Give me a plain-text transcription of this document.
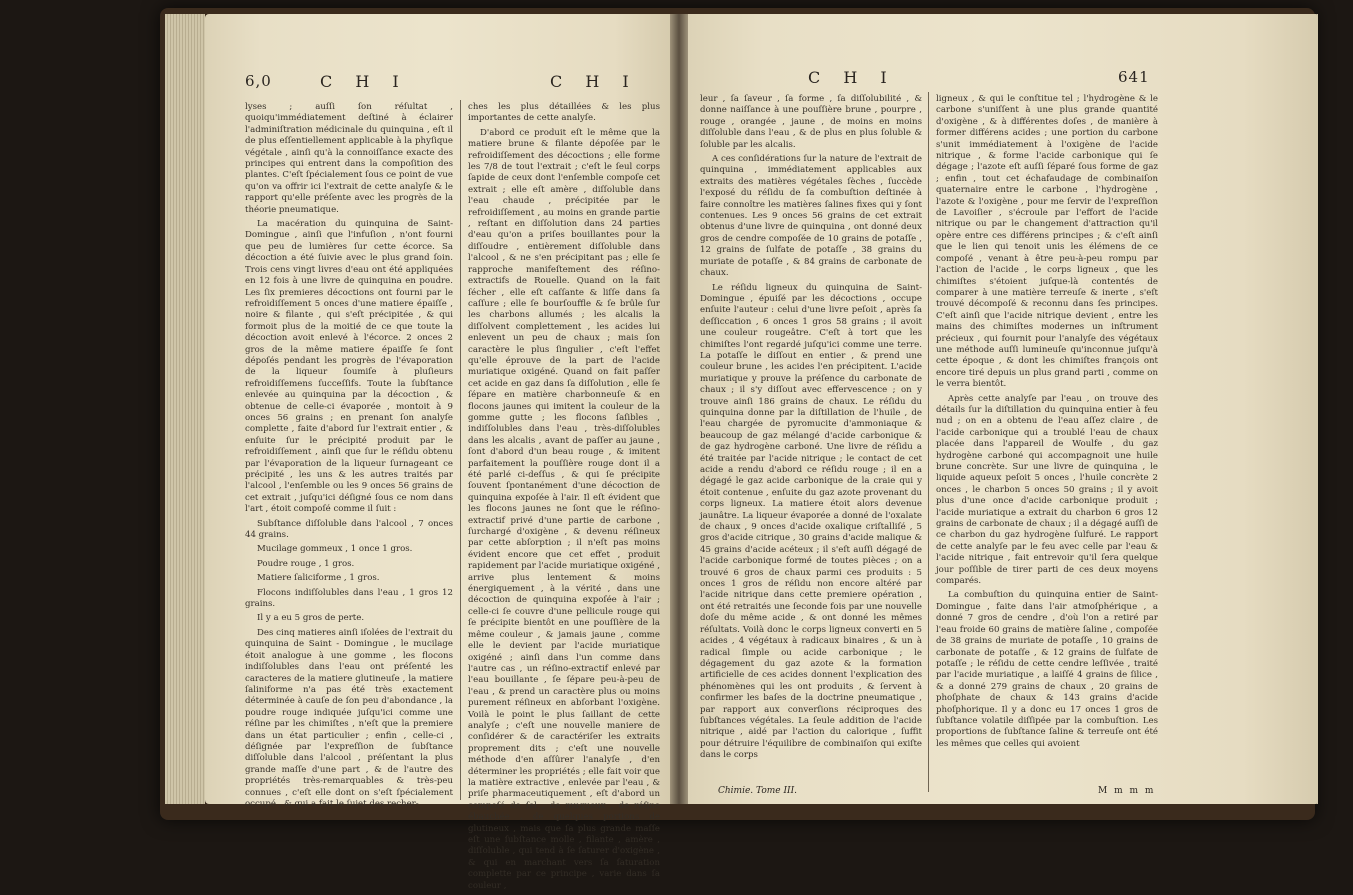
6,0	C H I	C H I

lyses ; auſſi ſon réſultat , quoiqu'immédiatement deſtiné à éclairer l'adminiſtration médicinale du quinquina , eſt il de plus eſſentiellement applicable à la phyſique végétale , ainſi qu'à la connoiſſance exacte des principes qui entrent dans la compoſition des plantes. C'eſt ſpécialement ſous ce point de vue qu'on va offrir ici l'extrait de cette analyſe & le rapport qu'elle préſente avec les progrès de la théorie pneumatique.

La macération du quinquina de Saint-Domingue , ainſi que l'infuſion , n'ont fourni que peu de lumières ſur cette écorce. Sa décoction a été ſuivie avec le plus grand ſoin. Trois cens vingt livres d'eau ont été appliquées en 12 fois à une livre de quinquina en poudre. Les ſix premieres décoctions ont fourni par le refroidiſſement 5 onces d'une matiere épaiſſe , noire & filante , qui s'eſt précipitée , & qui formoit plus de la moitié de ce que toute la décoction avoit enlevé à l'écorce. 2 onces 2 gros de la même matiere épaiſſe ſe ſont dépoſés pendant les progrès de l'évaporation de la liqueur ſoumiſe à pluſieurs refroidiſſemens ſucceſſifs. Toute la ſubſtance enlevée au quinquina par la décoction , & obtenue de celle-ci évaporée , montoit à 9 onces 56 grains ; en prenant ſon analyſe complette , faite d'abord ſur l'extrait entier , & enſuite ſur le précipité produit par le refroidiſſement , ainſi que ſur le réſidu obtenu par l'évaporation de la liqueur ſurnageant ce précipité , les uns & les autres traités par l'alcool , l'enſemble ou les 9 onces 56 grains de cet extrait , juſqu'ici déſigné ſous ce nom dans l'art , étoit compoſé comme il ſuit :

Subſtance diſſoluble dans l'alcool , 7 onces 44 grains.

Mucilage gommeux , 1 once 1 gros.

Poudre rouge , 1 gros.

Matiere ſaliciforme , 1 gros.

Flocons indiſſolubles dans l'eau , 1 gros 12 grains.

Il y a eu 5 gros de perte.

Des cinq matieres ainſi iſolées de l'extrait du quinquina de Saint - Domingue , le mucilage étoit analogue à une gomme , les flocons indiſſolubles dans l'eau ont préſenté les caracteres de la matiere glutineuſe , la matiere ſaliniforme n'a pas été très exactement déterminée à cauſe de ſon peu d'abondance , la poudre rouge indiquée juſqu'ici comme une réſine par les chimiſtes , n'eſt que la premiere dans un état particulier ; enfin , celle-ci , déſignée par l'expreſſion de ſubſtance diſſoluble dans l'alcool , préſentant la plus grande maſſe d'une part , & de l'autre des propriétés très-remarquables & très-peu connues , c'eſt elle dont on s'eſt ſpécialement occupé , & qui a fait le ſujet des recher-

ches les plus détaillées & les plus importantes de cette analyſe.

D'abord ce produit eſt le même que la matiere brune & filante dépoſée par le refroidiſſement des décoctions ; elle forme les 7/8 de tout l'extrait ; c'eſt le ſeul corps ſapide de ceux dont l'enſemble compoſe cet extrait ; elle eſt amère , diſſoluble dans l'eau chaude , précipitée par le refroidiſſement , au moins en grande partie , reſtant en diſſolution dans 24 parties d'eau qu'on a priſes bouillantes pour la diſſoudre , entièrement diſſoluble dans l'alcool , & ne s'en précipitant pas ; elle ſe rapproche manifeſtement des réſino-extractifs de Rouelle. Quand on la fait ſécher , elle eſt caſſante & liſſe dans ſa caſſure ; elle ſe bourſouffle & ſe brûle ſur les charbons allumés ; les alcalis la diſſolvent complettement , les acides lui enlevent un peu de chaux ; mais ſon caractère le plus ſingulier , c'eſt l'effet qu'elle éprouve de la part de l'acide muriatique oxigéné. Quand on fait paſſer cet acide en gaz dans ſa diſſolution , elle ſe ſépare en matière charbonneuſe & en flocons jaunes qui imitent la couleur de la gomme gutte ; les flocons ſaſibles , indiſſolubles dans l'eau , très-diſſolubles dans les alcalis , avant de paſſer au jaune , ſont d'abord d'un beau rouge , & imitent parfaitement la pouſſière rouge dont il a été parlé ci-deſſus , & qui ſe précipite ſouvent ſpontanément d'une décoction de quinquina expoſée à l'air. Il eſt évident que les flocons jaunes ne ſont que le réſino-extractif privé d'une partie de carbone , ſurchargé d'oxigène , & devenu réſineux par cette abſorption ; il n'eſt pas moins évident encore que cet effet , produit rapidement par l'acide muriatique oxigéné , arrive plus lentement & moins énergiquement , à la vérité , dans une décoction de quinquina expoſée à l'air ; celle-ci ſe couvre d'une pellicule rouge qui ſe précipite bientôt en une pouſſière de la même couleur , & jamais jaune , comme elle le devient par l'acide muriatique oxigéné ; ainſi dans l'un comme dans l'autre cas , un réſino-extractif enlevé par l'eau bouillante , ſe ſépare peu-à-peu de l'eau , & prend un caractère plus ou moins purement réſineux en abſorbant l'oxigène. Voilà le point le plus ſaillant de cette analyſe ; c'eſt une nouvelle maniere de conſidérer & de caractériſer les extraits proprement dits ; c'eſt une nouvelle méthode d'en aſſûrer l'analyſe , d'en déterminer les propriétés ; elle fait voir que la matière extractive , enlevée par l'eau , & priſe pharmaceutiquement , eſt d'abord un compoſé de ſel , de muqueux , de réſine ébauchée , de quelques portions de glutineux , mais que ſa plus grande maſſe eſt une ſubſtance molle , filante , amère , diſſoluble , qui tend à ſe ſaturer d'oxigène , & qui en marchant vers ſa ſaturation complette par ce principe , varie dans ſa couleur ,

C H I	641

leur , ſa ſaveur , ſa forme , ſa diſſolubilité , & donne naiſſance à une pouſſière brune , pourpre , rouge , orangée , jaune , de moins en moins diſſoluble dans l'eau , & de plus en plus ſoluble & ſoluble par les alcalis.

A ces conſidérations ſur la nature de l'extrait de quinquina , immédiatement applicables aux extraits des matières végétales ſèches , ſuccède l'exposé du réſidu de ſa combuſtion deſtinée à faire connoître les matières ſalines fixes qui y ſont contenues. Les 9 onces 56 grains de cet extrait obtenus d'une livre de quinquina , ont donné deux gros de cendre compoſée de 10 grains de potaſſe , 12 grains de ſulfate de potaſſe , 38 grains du muriate de potaſſe , & 84 grains de carbonate de chaux.

Le réſidu ligneux du quinquina de Saint-Domingue , épuiſé par les décoctions , occupe enſuite l'auteur : celui d'une livre peſoit , après ſa deſſiccation , 6 onces 1 gros 58 grains ; il avoit une couleur rougeâtre. C'eſt à tort que les chimiſtes l'ont regardé juſqu'ici comme une terre. La potaſſe le diſſout en entier , & prend une couleur brune , les acides l'en précipitent. L'acide muriatique y prouve la préſence du carbonate de chaux ; il s'y diſſout avec effervescence ; on y trouve ainſi 186 grains de chaux. Le réſidu du quinquina donne par la diſtillation de l'huile , de l'eau chargée de pyromucite d'ammoniaque & beaucoup de gaz mélangé d'acide carbonique & de gaz hydrogène carboné. Une livre de réſidu a été traitée par l'acide nitrique ; le contact de cet acide a rendu d'abord ce réſidu rouge ; il en a dégagé le gaz acide carbonique de la craie qui y étoit contenue , enſuite du gaz azote provenant du corps ligneux. La matiere étoit alors devenue jaunâtre. La liqueur évaporée a donné de l'oxalate de chaux , 9 onces d'acide oxalique criſtalliſé , 5 gros d'acide citrique , 30 grains d'acide malique & 45 grains d'acide acéteux ; il s'eſt auſſi dégagé de l'acide carbonique formé de toutes pièces ; on a trouvé 6 gros de chaux parmi ces produits : 5 onces 1 gros de réſidu non encore altéré par l'acide nitrique dans cette premiere opération , ont été retraités une ſeconde fois par une nouvelle doſe du même acide , & ont donné les mêmes réſultats. Voilà donc le corps ligneux converti en 5 acides , 4 végétaux à radicaux binaires , & un à radical ſimple ou acide carbonique ; le dégagement du gaz azote & la formation artificielle de ces acides donnent l'explication des phénomènes qui les ont produits , & ſervent à confirmer les baſes de la doctrine pneumatique , par rapport aux converſions réciproques des ſubſtances végétales. La ſeule addition de l'acide nitrique , aidé par l'action du calorique , ſuffit pour détruire l'équilibre de combinaiſon qui exiſte dans le corps

ligneux , & qui le conſtitue tel ; l'hydrogène & le carbone s'uniſſent à une plus grande quantité d'oxigène , & à différentes doſes , de manière à former différens acides ; une portion du carbone s'unit immédiatement à l'oxigène de l'acide nitrique , & forme l'acide carbonique qui ſe dégage ; l'azote eſt auſſi ſéparé ſous forme de gaz ; enfin , tout cet échafaudage de combinaiſon quaternaire entre le carbone , l'hydrogène , l'azote & l'oxigène , pour me ſervir de l'expreſſion de Lavoiſier , s'écroule par l'effort de l'acide nitrique ou par le changement d'attraction qu'il opère entre ces différens principes ; & c'eſt ainſi que le lien qui tenoit unis les élémens de ce compoſé , venant à être peu-à-peu rompu par l'action de l'acide , le corps ligneux , que les chimiſtes s'étoient juſque-là contentés de comparer à une matière terreuſe & inerte , s'eſt trouvé décompoſé & reconnu dans ſes principes. C'eſt ainſi que l'acide nitrique devient , entre les mains des chimiſtes modernes un inſtrument précieux , qui fournit pour l'analyſe des végétaux une méthode auſſi lumineuſe qu'inconnue juſqu'à cette époque , & dont les chimiſtes françois ont encore tiré depuis un plus grand parti , comme on le verra bientôt.

Après cette analyſe par l'eau , on trouve des détails ſur la diſtillation du quinquina entier à feu nud ; on en a obtenu de l'eau aſſez claire , de l'acide carbonique qui a troublé l'eau de chaux placée dans l'appareil de Woulfe , du gaz hydrogène carboné qui accompagnoit une huile brune concrète. Sur une livre de quinquina , le liquide aqueux peſoit 5 onces , l'huile concrète 2 onces , le charbon 5 onces 50 grains ; il y avoit plus d'une once d'acide carbonique produit ; l'acide muriatique a extrait du charbon 6 gros 12 grains de carbonate de chaux ; il a dégagé auſſi de ce charbon du gaz hydrogène ſulfuré. Le rapport de cette analyſe par le feu avec celle par l'eau & l'acide nitrique , fait entrevoir qu'il ſera quelque jour poſſible de tirer parti de ces deux moyens comparés.

La combuſtion du quinquina entier de Saint-Domingue , faite dans l'air atmoſphérique , a donné 7 gros de cendre , d'où l'on a retiré par l'eau froide 60 grains de matière ſaline , compoſée de 38 grains de muriate de potaſſe , 10 grains de carbonate de potaſſe , & 12 grains de ſulfate de potaſſe ; le réſidu de cette cendre leſſivée , traité par l'acide muriatique , a laiſſé 4 grains de ſilice , & a donné 279 grains de chaux , 20 grains de phoſphate de chaux & 143 grains d'acide phoſphorique. Il y a donc eu 17 onces 1 gros de ſubſtance volatile diſſipée par la combuſtion. Les proportions de ſubſtance ſaline & terreuſe ont été les mêmes que celles qui avoient

Chimie. Tome III.	M m m m
